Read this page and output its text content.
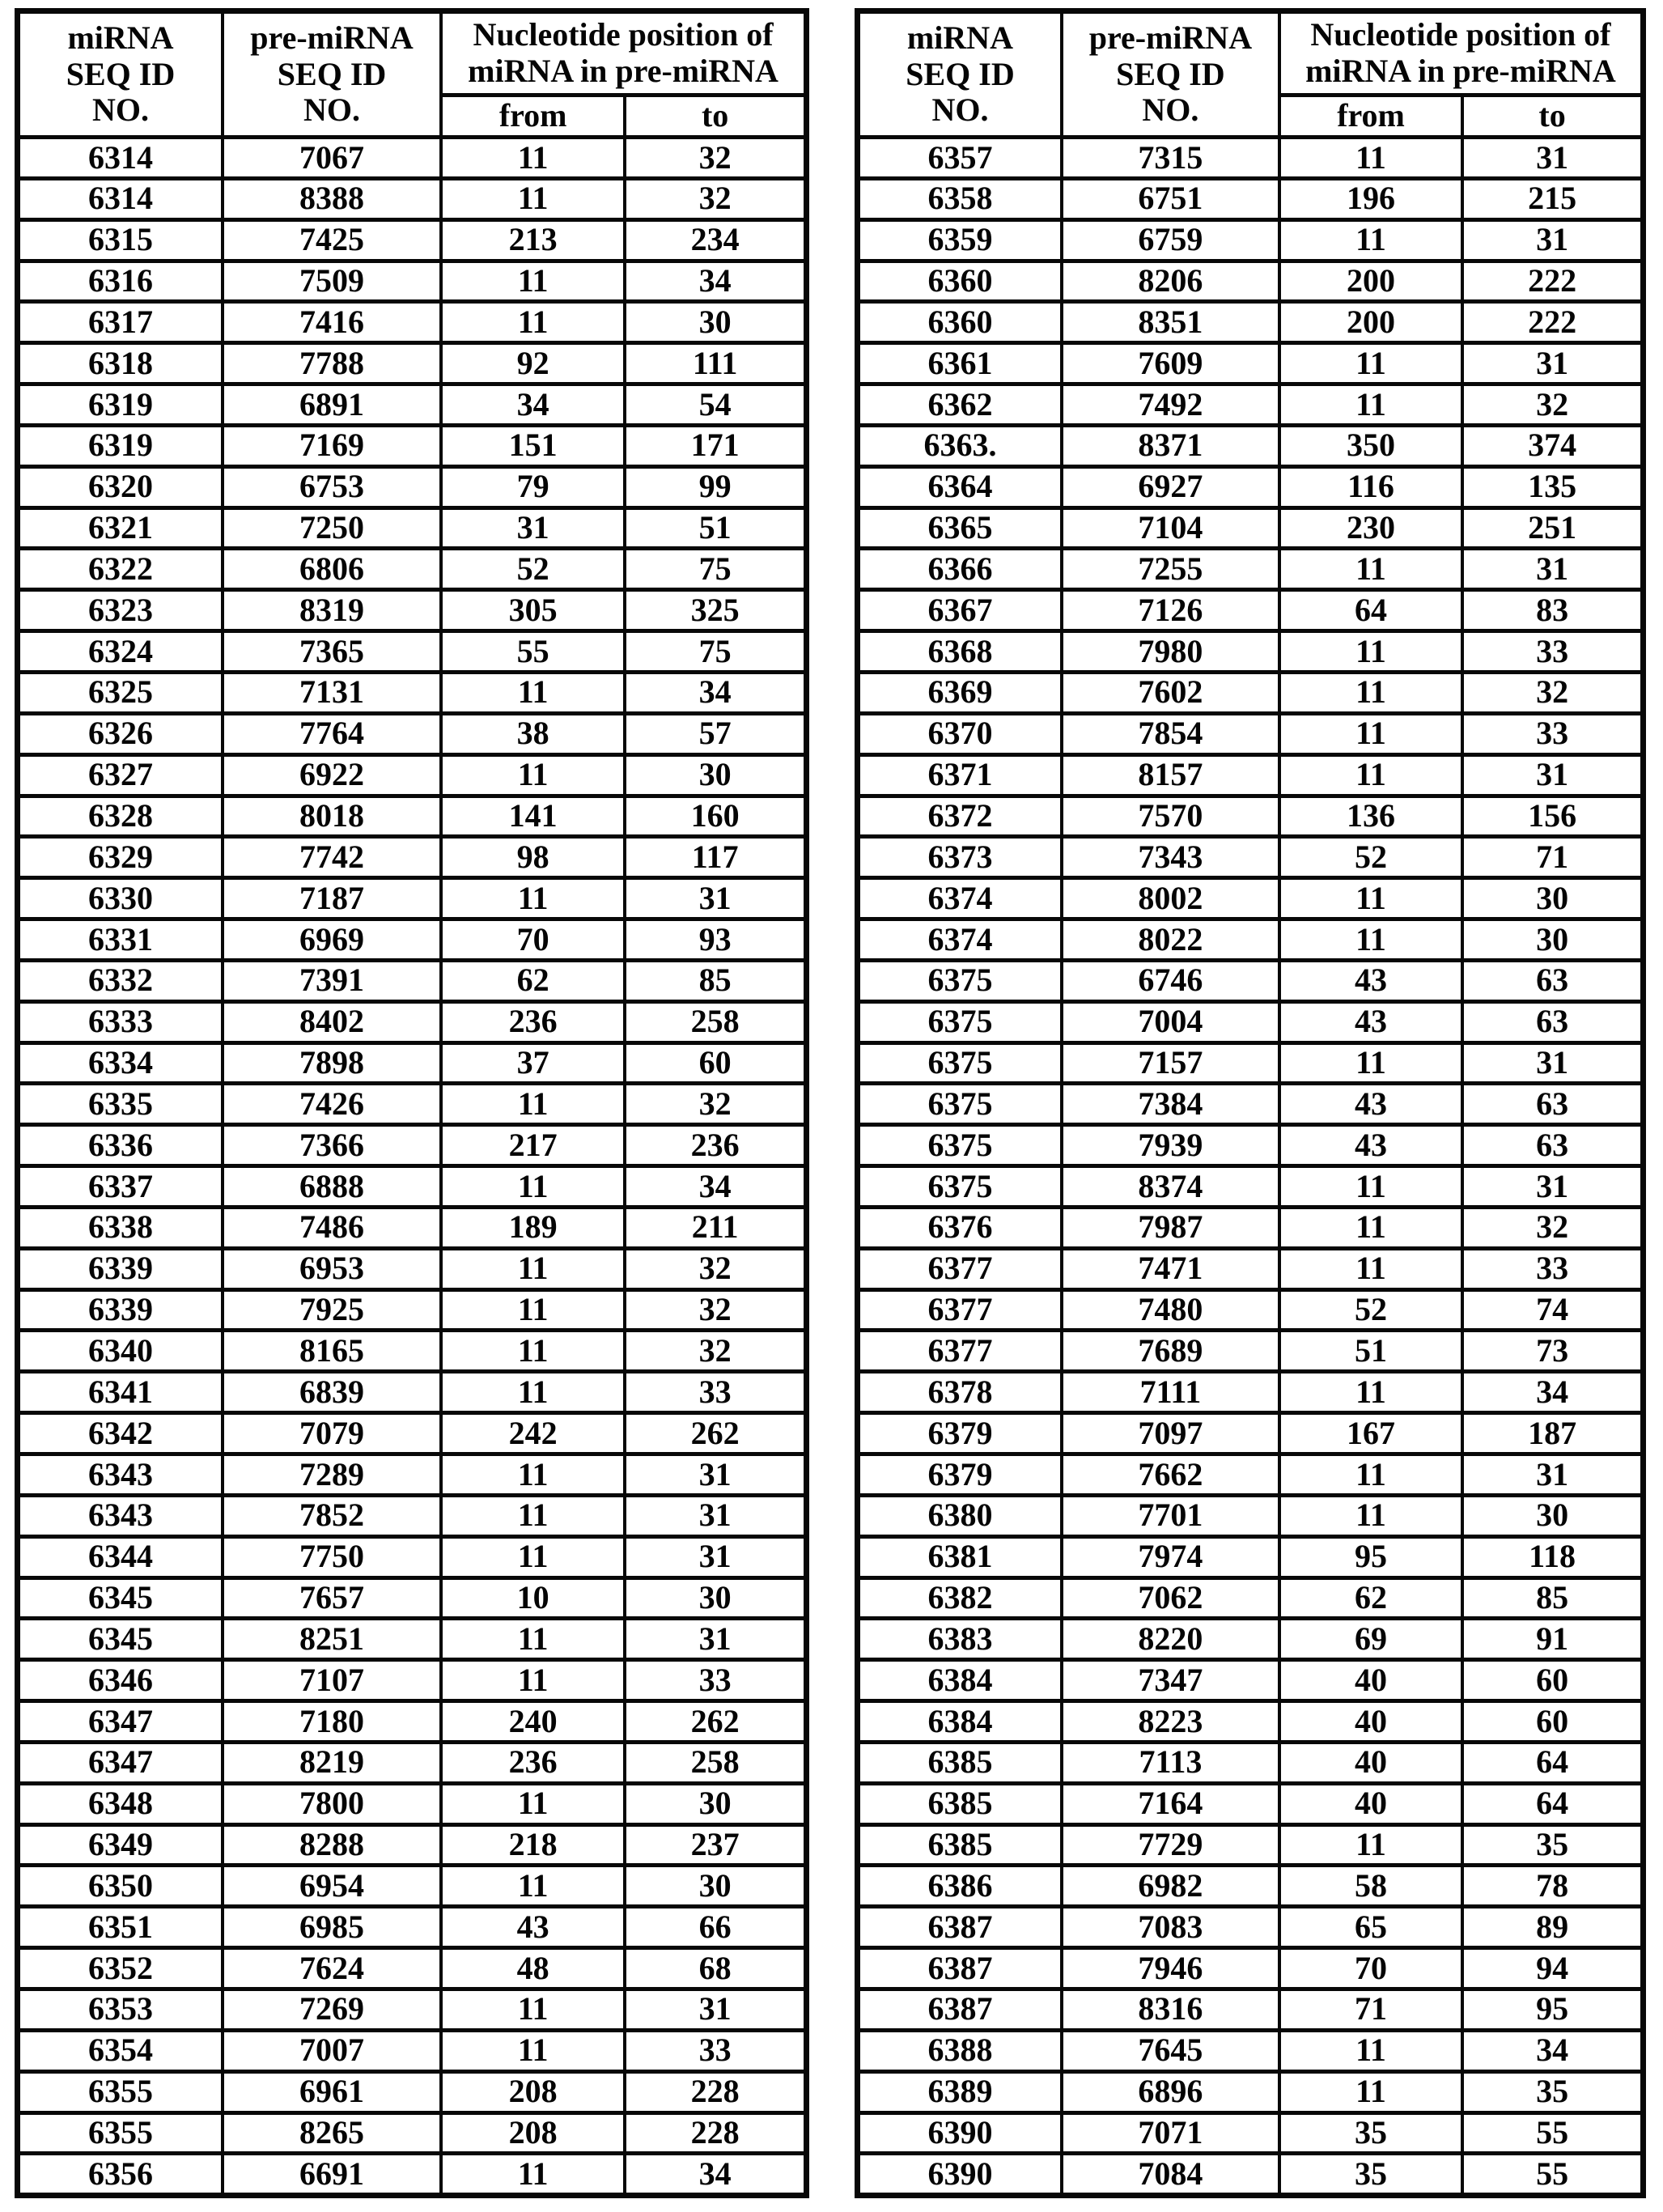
miRNA
SEQ ID
NO.	pre-miRNA
SEQ ID
NO.	Nucleotide position of
miRNA in pre-miRNA	
		from	to
6314	7067	11	32
6314	8388	11	32
6315	7425	213	234
6316	7509	11	34
6317	7416	11	30
6318	7788	92	111
6319	6891	34	54
6319	7169	151	171
6320	6753	79	99
6321	7250	31	51
6322	6806	52	75
6323	8319	305	325
6324	7365	55	75
6325	7131	11	34
6326	7764	38	57
6327	6922	11	30
6328	8018	141	160
6329	7742	98	117
6330	7187	11	31
6331	6969	70	93
6332	7391	62	85
6333	8402	236	258
6334	7898	37	60
6335	7426	11	32
6336	7366	217	236
6337	6888	11	34
6338	7486	189	211
6339	6953	11	32
6339	7925	11	32
6340	8165	11	32
6341	6839	11	33
6342	7079	242	262
6343	7289	11	31
6343	7852	11	31
6344	7750	11	31
6345	7657	10	30
6345	8251	11	31
6346	7107	11	33
6347	7180	240	262
6347	8219	236	258
6348	7800	11	30
6349	8288	218	237
6350	6954	11	30
6351	6985	43	66
6352	7624	48	68
6353	7269	11	31
6354	7007	11	33
6355	6961	208	228
6355	8265	208	228
6356	6691	11	34
miRNA
SEQ ID
NO.	pre-miRNA
SEQ ID
NO.	Nucleotide position of
miRNA in pre-miRNA	
		from	to
6357	7315	11	31
6358	6751	196	215
6359	6759	11	31
6360	8206	200	222
6360	8351	200	222
6361	7609	11	31
6362	7492	11	32
6363.	8371	350	374
6364	6927	116	135
6365	7104	230	251
6366	7255	11	31
6367	7126	64	83
6368	7980	11	33
6369	7602	11	32
6370	7854	11	33
6371	8157	11	31
6372	7570	136	156
6373	7343	52	71
6374	8002	11	30
6374	8022	11	30
6375	6746	43	63
6375	7004	43	63
6375	7157	11	31
6375	7384	43	63
6375	7939	43	63
6375	8374	11	31
6376	7987	11	32
6377	7471	11	33
6377	7480	52	74
6377	7689	51	73
6378	7111	11	34
6379	7097	167	187
6379	7662	11	31
6380	7701	11	30
6381	7974	95	118
6382	7062	62	85
6383	8220	69	91
6384	7347	40	60
6384	8223	40	60
6385	7113	40	64
6385	7164	40	64
6385	7729	11	35
6386	6982	58	78
6387	7083	65	89
6387	7946	70	94
6387	8316	71	95
6388	7645	11	34
6389	6896	11	35
6390	7071	35	55
6390	7084	35	55
